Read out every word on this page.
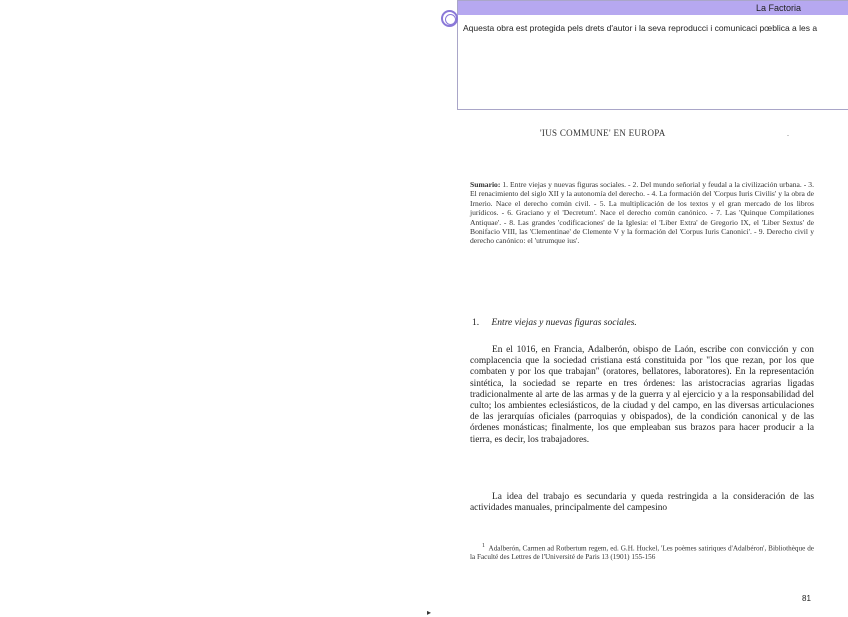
'IUS COMMUNE' EN EUROPA	.
Sumario: 1. Entre viejas y nuevas figuras sociales. - 2. Del mundo señorial y feudal a la civilización urbana. - 3. El renacimiento del siglo XII y la autonomía del derecho. - 4. La formación del 'Corpus Iuris Civilis' y la obra de Irnerio. Nace el derecho común civil. - 5. La multiplicación de los textos y el gran mercado de los libros jurídicos. - 6. Graciano y el 'Decretum'. Nace el derecho común canónico. - 7. Las 'Quinque Compilationes Antiquae'. - 8. Las grandes 'codificaciones' de la Iglesia: el 'Liber Extra' de Gregorio IX, el 'Liber Sextus' de Bonifacio VIII, las 'Clementinae' de Clemente V y la formación del 'Corpus Iuris Canonici'. - 9. Derecho civil y derecho canónico: el 'utrumque ius'.
1. Entre viejas y nuevas figuras sociales.
En el 1016, en Francia, Adalberón, obispo de Laón, escribe con convicción y con complacencia que la sociedad cristiana está constituida por "los que rezan, por los que combaten y por los que trabajan" (oratores, bellatores, laboratores). En la representación sintética, la sociedad se reparte en tres órdenes: las aristocracias agrarias ligadas tradicionalmente al arte de las armas y de la guerra y al ejercicio y a la responsabilidad del culto; los ambientes eclesiásticos, de la ciudad y del campo, en las diversas articulaciones de las jerarquías oficiales (parroquias y obispados), de la condición canonical y de las órdenes monásticas; finalmente, los que empleaban sus brazos para hacer producir a la tierra, es decir, los trabajadores.
La idea del trabajo es secundaria y queda restringida a la consideración de las actividades manuales, principalmente del campesino
$^1$ Adalberón, Carmen ad Rotbertum regem, ed. G.H. Huckel, 'Les poèmes satiriques d'Adalbéron', Bibliothèque de la Faculté des Lettres de l'Université de Paris 13 (1901) 155-156
81
▸
La Factoria
Aquesta obra est protegida pels drets d'autor i la seva reproducci i comunicaci pœblica a les a
